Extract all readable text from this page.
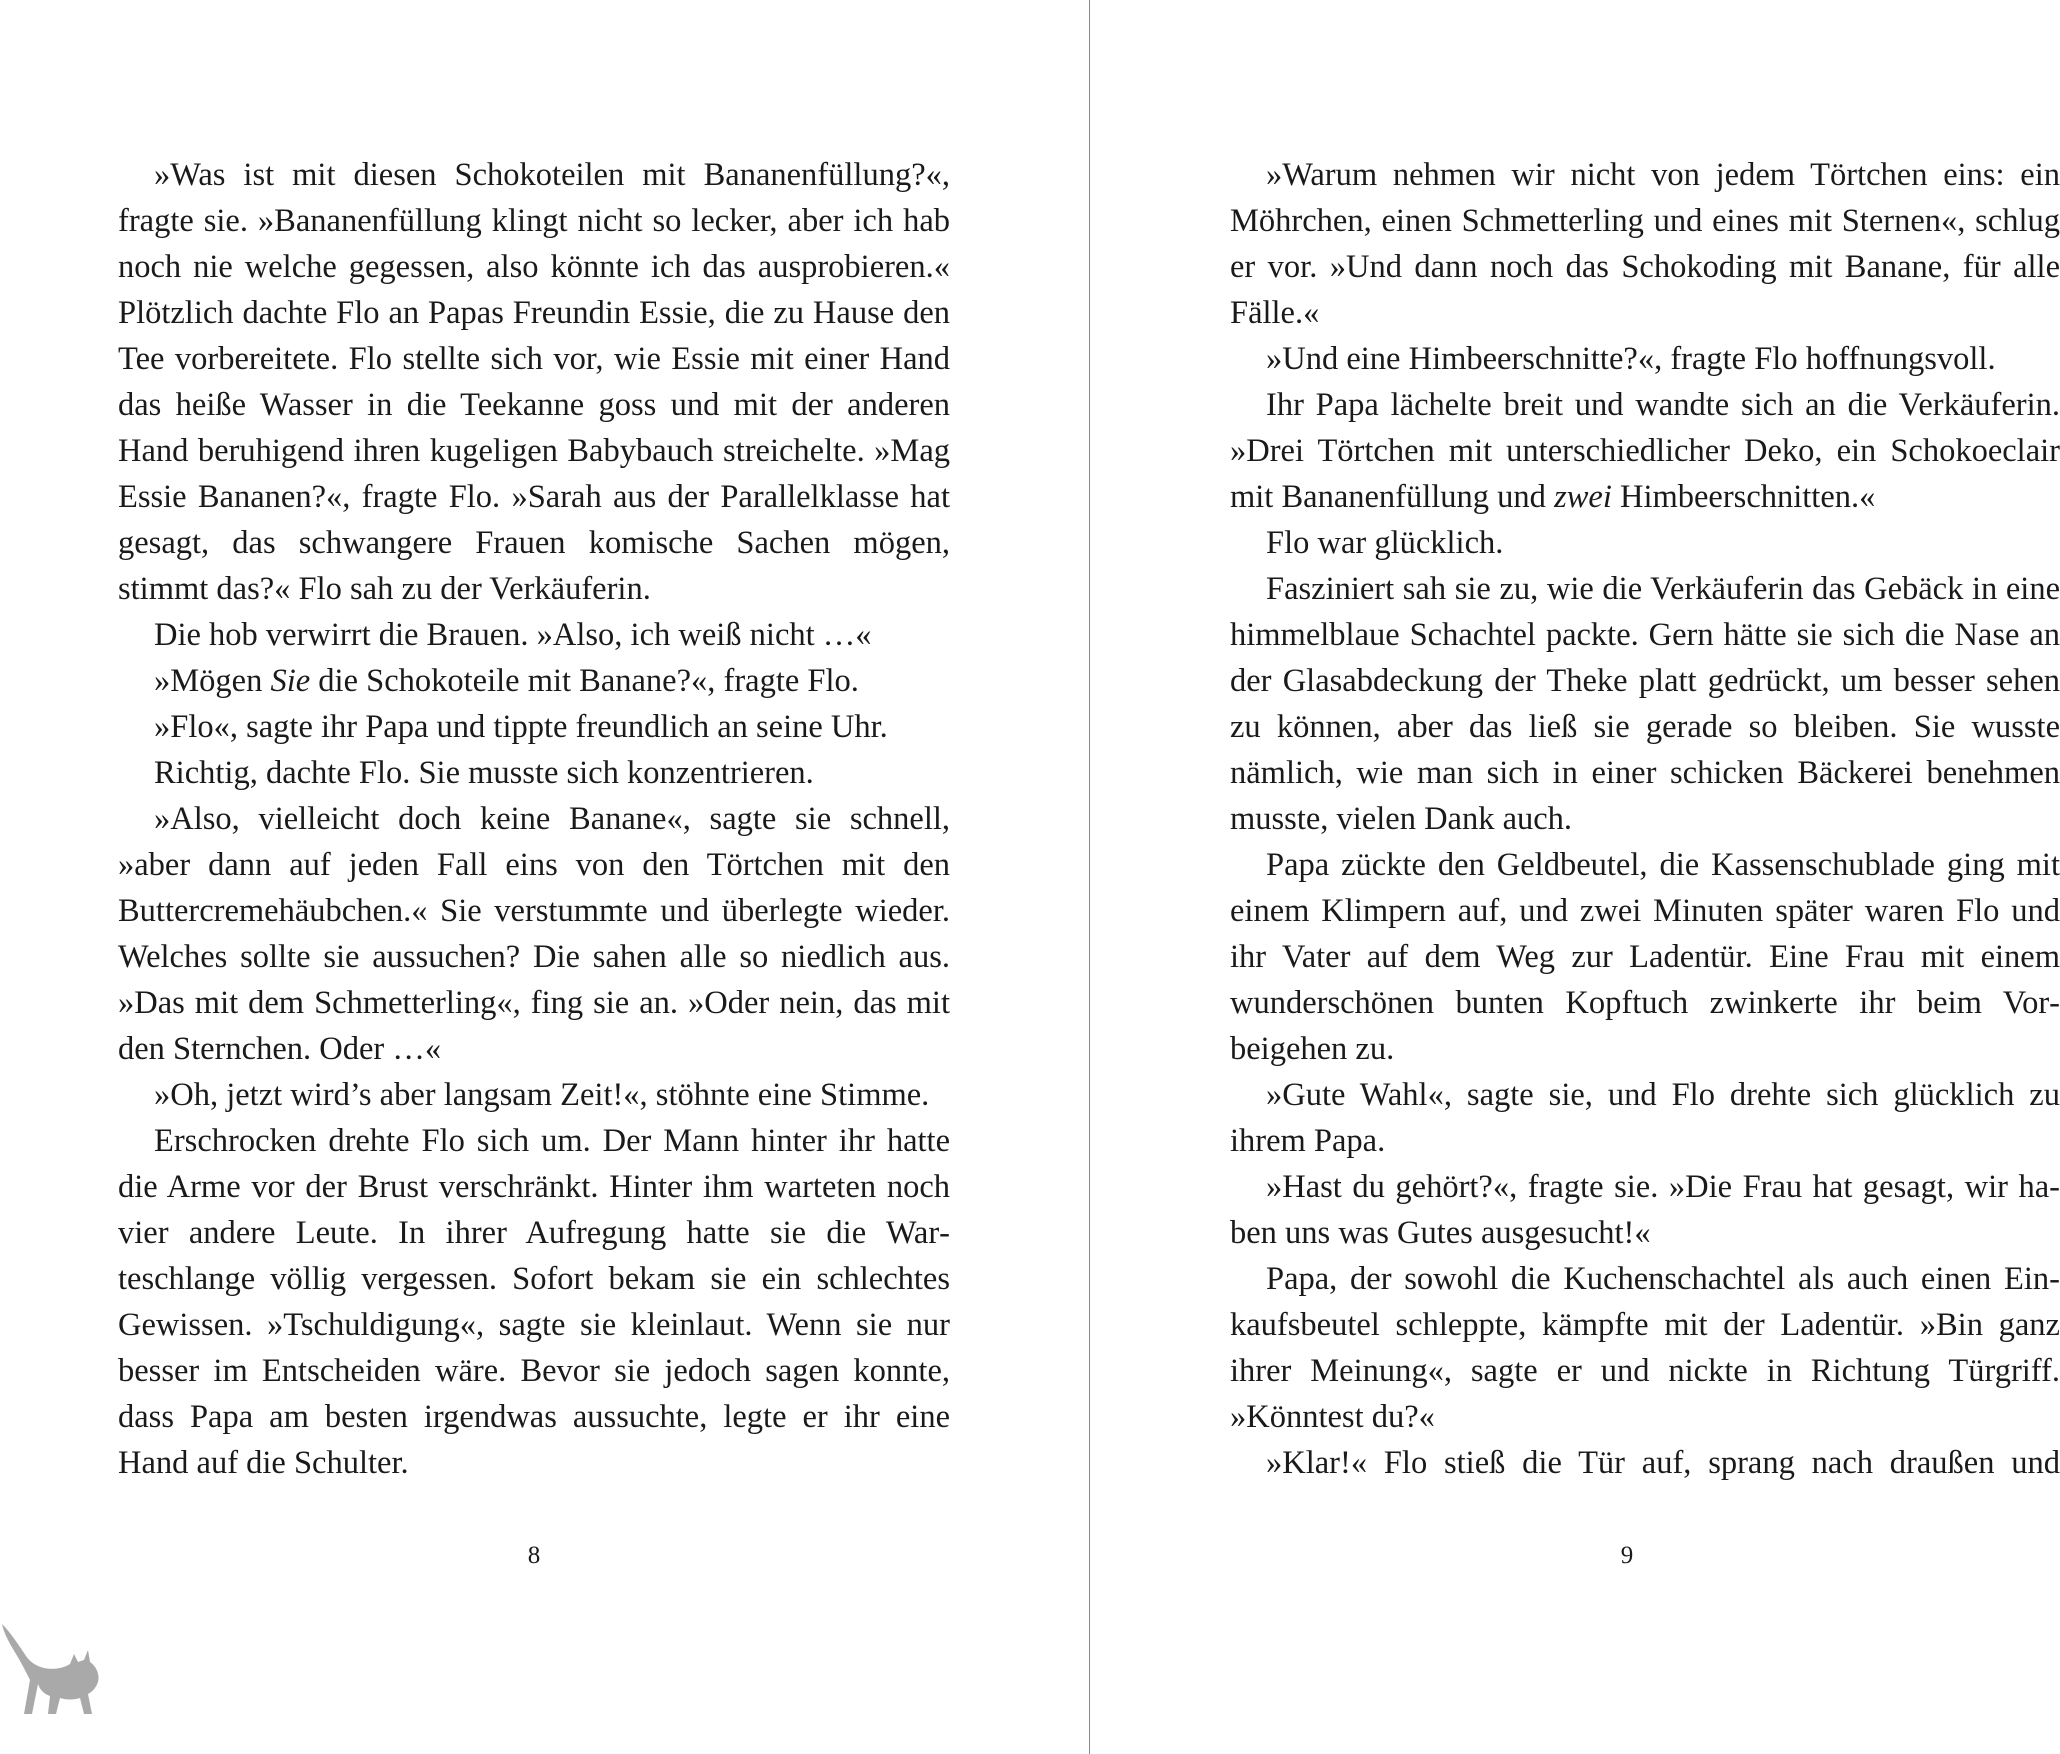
»Was ist mit diesen Schokoteilen mit Bananenfüllung?«, fragte sie. »Bananenfüllung klingt nicht so lecker, aber ich hab noch nie welche gegessen, also könnte ich das ausprobieren.« Plötzlich dachte Flo an Papas Freundin Essie, die zu Hause den Tee vorbereitete. Flo stellte sich vor, wie Essie mit einer Hand das heiße Wasser in die Teekanne goss und mit der anderen Hand beruhigend ihren kugeligen Babybauch streichelte. »Mag Essie Bananen?«, fragte Flo. »Sarah aus der Parallelklasse hat gesagt, das schwangere Frauen komische Sachen mögen, stimmt das?« Flo sah zu der Verkäuferin.

Die hob verwirrt die Brauen. »Also, ich weiß nicht …«

»Mögen Sie die Schokoteile mit Banane?«, fragte Flo.

»Flo«, sagte ihr Papa und tippte freundlich an seine Uhr.

Richtig, dachte Flo. Sie musste sich konzentrieren.

»Also, vielleicht doch keine Banane«, sagte sie schnell, »aber dann auf jeden Fall eins von den Törtchen mit den Buttercremehäubchen.« Sie verstummte und überlegte wieder. Welches sollte sie aussuchen? Die sahen alle so niedlich aus. »Das mit dem Schmetterling«, fing sie an. »Oder nein, das mit den Sternchen. Oder …«

»Oh, jetzt wird’s aber langsam Zeit!«, stöhnte eine Stimme.

Erschrocken drehte Flo sich um. Der Mann hinter ihr hatte die Arme vor der Brust verschränkt. Hinter ihm warteten noch vier andere Leute. In ihrer Aufregung hatte sie die Warteschlange völlig vergessen. Sofort bekam sie ein schlechtes Gewissen. »Tschuldigung«, sagte sie kleinlaut. Wenn sie nur besser im Entscheiden wäre. Bevor sie jedoch sagen konnte, dass Papa am besten irgendwas aussuchte, legte er ihr eine Hand auf die Schulter.

8

»Warum nehmen wir nicht von jedem Törtchen eins: ein Möhrchen, einen Schmetterling und eines mit Sternen«, schlug er vor. »Und dann noch das Schokoding mit Banane, für alle Fälle.«

»Und eine Himbeerschnitte?«, fragte Flo hoffnungsvoll.

Ihr Papa lächelte breit und wandte sich an die Verkäuferin. »Drei Törtchen mit unterschiedlicher Deko, ein Schokoeclair mit Bananenfüllung und zwei Himbeerschnitten.«

Flo war glücklich.

Fasziniert sah sie zu, wie die Verkäuferin das Gebäck in eine himmelblaue Schachtel packte. Gern hätte sie sich die Nase an der Glasabdeckung der Theke platt gedrückt, um besser sehen zu können, aber das ließ sie gerade so bleiben. Sie wusste nämlich, wie man sich in einer schicken Bäckerei benehmen musste, vielen Dank auch.

Papa zückte den Geldbeutel, die Kassenschublade ging mit einem Klimpern auf, und zwei Minuten später waren Flo und ihr Vater auf dem Weg zur Ladentür. Eine Frau mit einem wunderschönen bunten Kopftuch zwinkerte ihr beim Vorbeigehen zu.

»Gute Wahl«, sagte sie, und Flo drehte sich glücklich zu ihrem Papa.

»Hast du gehört?«, fragte sie. »Die Frau hat gesagt, wir haben uns was Gutes ausgesucht!«

Papa, der sowohl die Kuchenschachtel als auch einen Einkaufsbeutel schleppte, kämpfte mit der Ladentür. »Bin ganz ihrer Meinung«, sagte er und nickte in Richtung Türgriff. »Könntest du?«

»Klar!« Flo stieß die Tür auf, sprang nach draußen und

9
